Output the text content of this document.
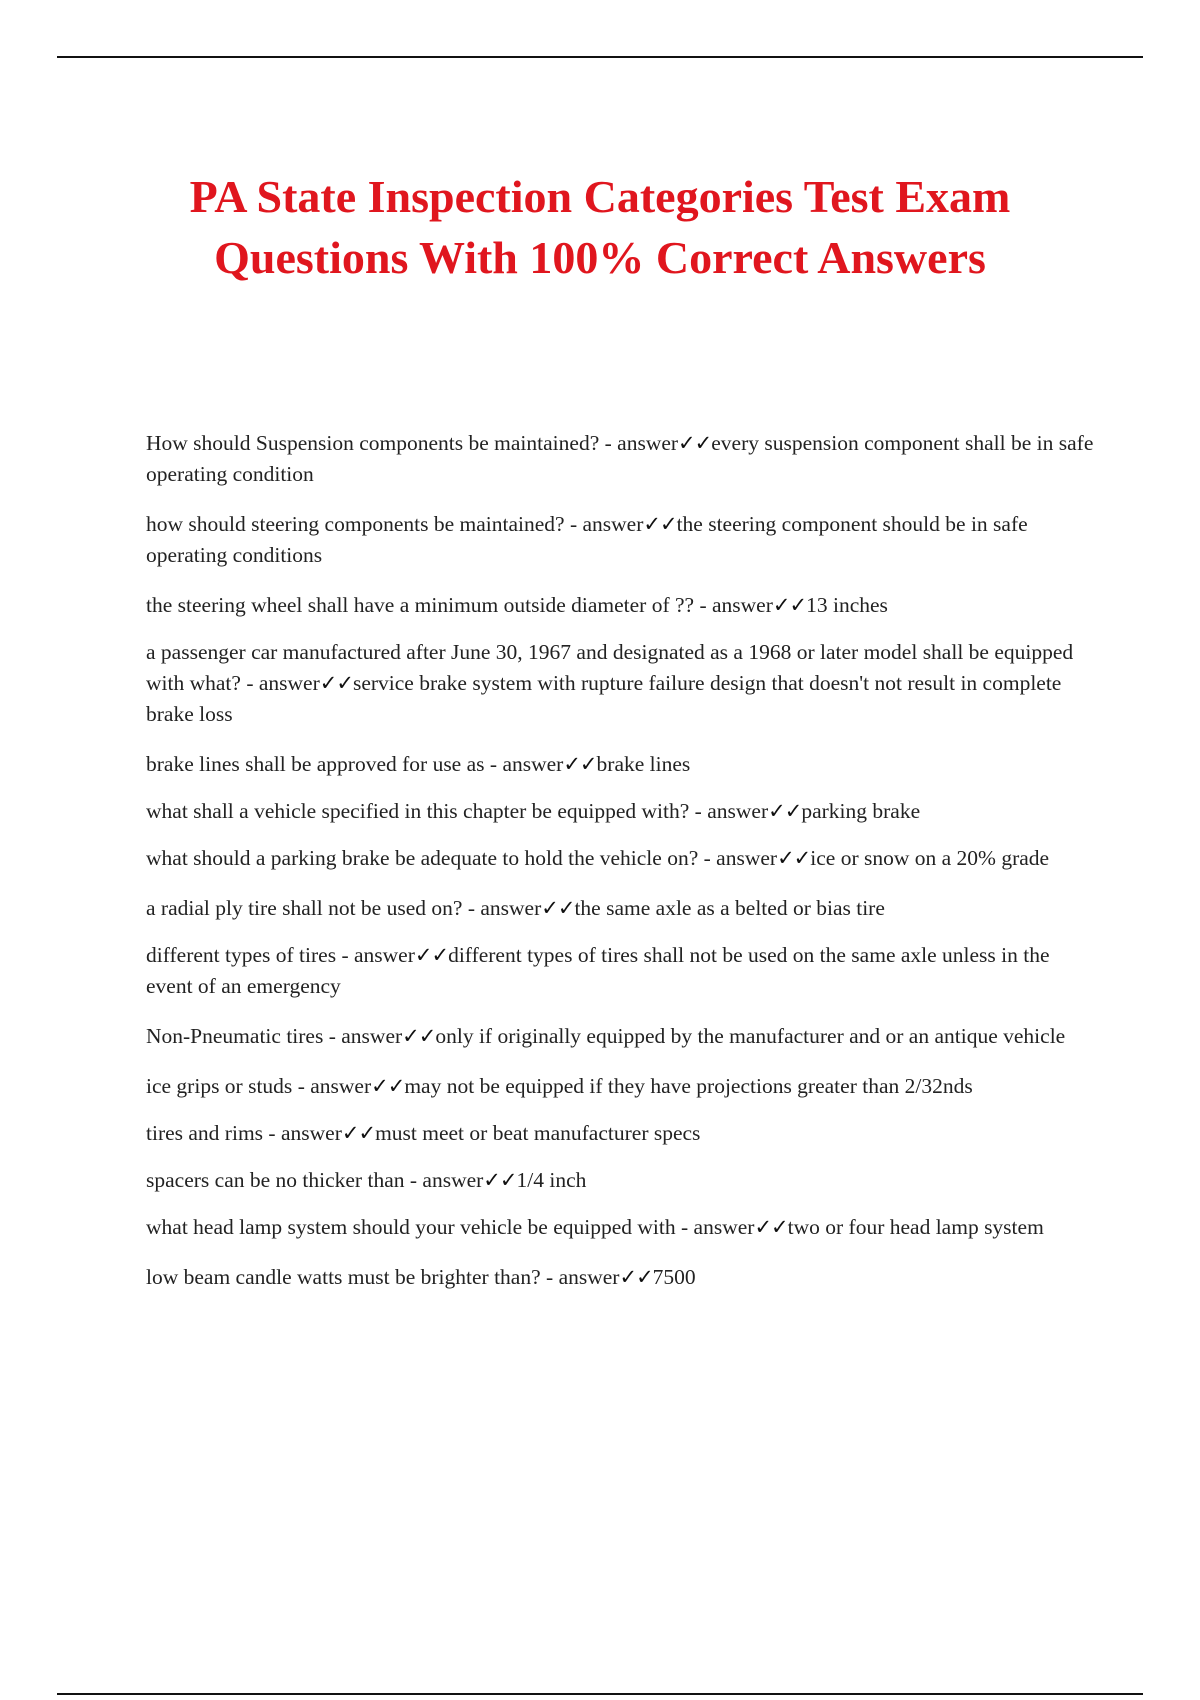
PA State Inspection Categories Test Exam
Questions With 100% Correct Answers
How should Suspension components be maintained? - answer✓✓every suspension component shall be in safe operating condition
how should steering components be maintained? - answer✓✓the steering component should be in safe operating conditions
the steering wheel shall have a minimum outside diameter of ?? - answer✓✓13 inches
a passenger car manufactured after June 30, 1967 and designated as a 1968 or later model shall be equipped with what? - answer✓✓service brake system with rupture failure design that doesn't not result in complete brake loss
brake lines shall be approved for use as - answer✓✓brake lines
what shall a vehicle specified in this chapter be equipped with? - answer✓✓parking brake
what should a parking brake be adequate to hold the vehicle on? - answer✓✓ice or snow on a 20% grade
a radial ply tire shall not be used on? - answer✓✓the same axle as a belted or bias tire
different types of tires - answer✓✓different types of tires shall not be used on the same axle unless in the event of an emergency
Non-Pneumatic tires - answer✓✓only if originally equipped by the manufacturer and or an antique vehicle
ice grips or studs - answer✓✓may not be equipped if they have projections greater than 2/32nds
tires and rims - answer✓✓must meet or beat manufacturer specs
spacers can be no thicker than - answer✓✓1/4 inch
what head lamp system should your vehicle be equipped with - answer✓✓two or four head lamp system
low beam candle watts must be brighter than? - answer✓✓7500
